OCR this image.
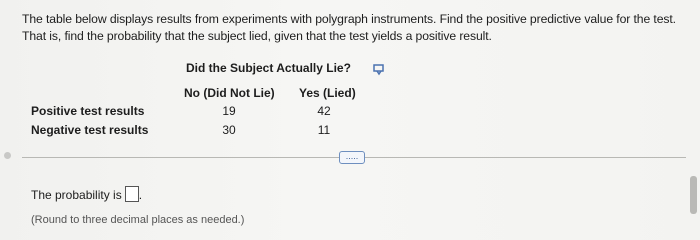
The table below displays results from experiments with polygraph instruments. Find the positive predictive value for the test. That is, find the probability that the subject lied, given that the test yields a positive result.
Did the Subject Actually Lie?
No (Did Not Lie) Yes (Lied)
Positive test results
Negative test results
19	42
30	11
.....
The probability is .
(Round to three decimal places as needed.)
